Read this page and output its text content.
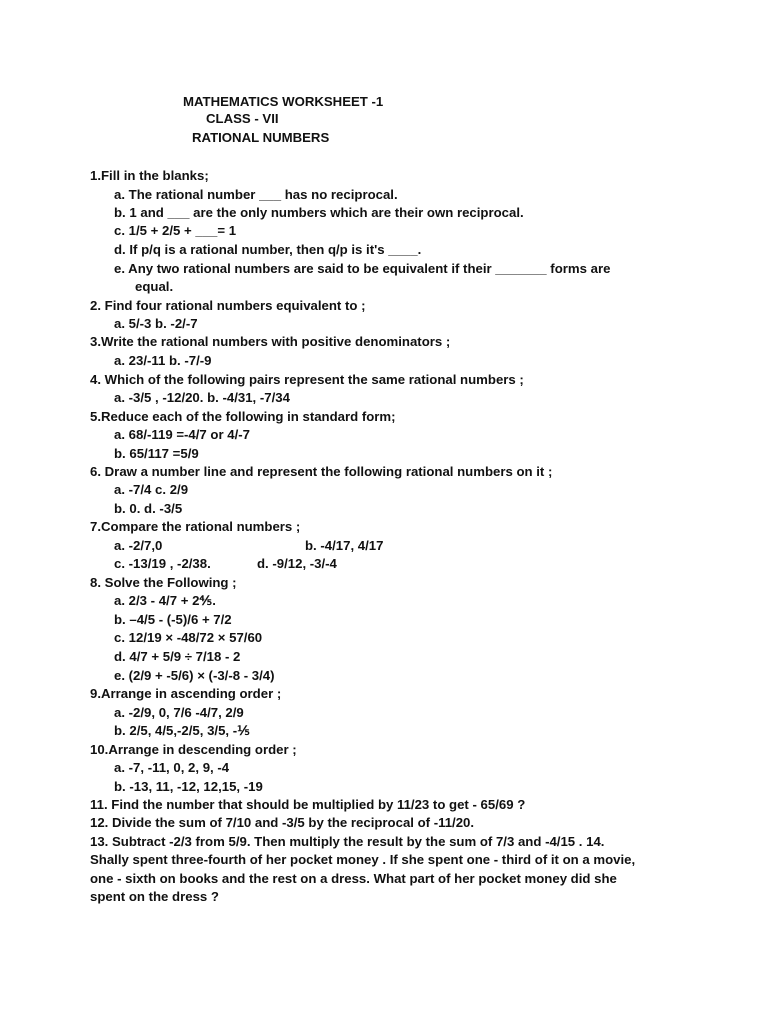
MATHEMATICS WORKSHEET -1
CLASS - VII
RATIONAL NUMBERS
1.Fill in the blanks;
a. The rational number ___ has no reciprocal.
b. 1 and ___ are the only numbers which are their own reciprocal.
c. 1/5 + 2/5 + ___= 1
d. If p/q is a rational number, then q/p is it's ____.
e. Any two rational numbers are said to be equivalent if their _______ forms are
equal.
2. Find four rational numbers equivalent to ;
a. 5/-3 b. -2/-7
3.Write the rational numbers with positive denominators ;
a. 23/-11 b. -7/-9
4. Which of the following pairs represent the same rational numbers ;
a. -3/5 , -12/20. b. -4/31, -7/34
5.Reduce each of the following in standard form;
a. 68/-119 =-4/7 or 4/-7
b. 65/117 =5/9
6. Draw a number line and represent the following rational numbers on it ;
a. -7/4 c. 2/9
b. 0. d. -3/5
7.Compare the rational numbers ;
a. -2/7,0	b. -4/17, 4/17
c. -13/19 , -2/38.	d. -9/12, -3/-4
8. Solve the Following ;
a. 2/3 - 4/7 + 2⅘.
b. –4/5 - (-5)/6 + 7/2
c. 12/19 × -48/72 × 57/60
d. 4/7 + 5/9 ÷ 7/18 - 2
e. (2/9 + -5/6) × (-3/-8 - 3/4)
9.Arrange in ascending order ;
a. -2/9, 0, 7/6 -4/7, 2/9
b. 2/5, 4/5,-2/5, 3/5, -⅕
10.Arrange in descending order ;
a. -7, -11, 0, 2, 9, -4
b. -13, 11, -12, 12,15, -19
11. Find the number that should be multiplied by 11/23 to get - 65/69 ?
12. Divide the sum of 7/10 and -3/5 by the reciprocal of -11/20.
13. Subtract -2/3 from 5/9. Then multiply the result by the sum of 7/3 and -4/15 . 14.
Shally spent three-fourth of her pocket money . If she spent one - third of it on a movie,
one - sixth on books and the rest on a dress. What part of her pocket money did she
spent on the dress ?
